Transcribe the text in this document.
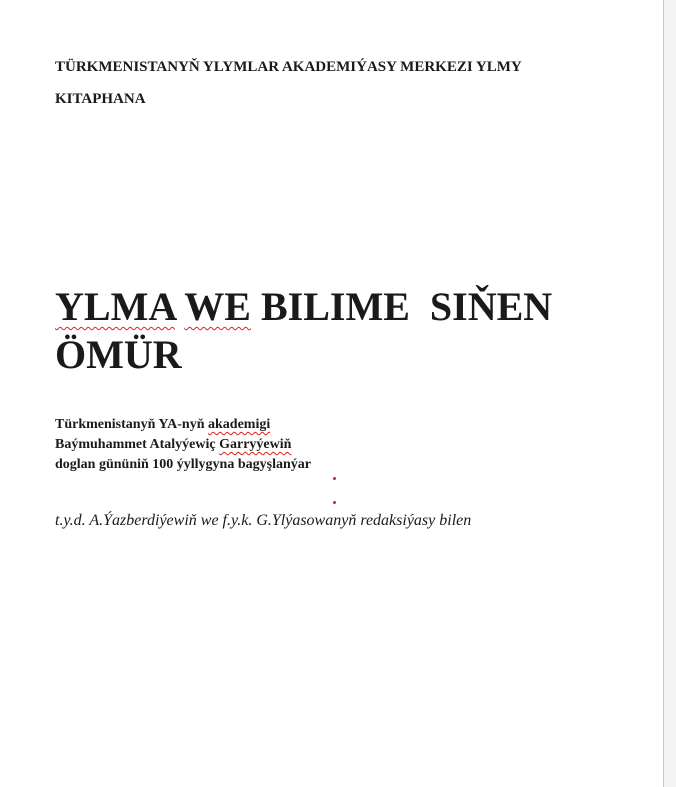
TÜRKMENISTANYŇ YLYMLAR AKADEMIÝASY MERKEZI YLMY
KITAPHANA
YLMA WE BILIME  SIŇEN
ÖMÜR
Türkmenistanyň YA-nyň akademigi
Baýmuhammet Atalyýewiç Garryýewiň
doglan gününiň 100 ýyllygyna bagyşlanýar
t.y.d. A.Ýazberdiýewiň we f.y.k. G.Ylýasowanyň redaksiýasy bilen
